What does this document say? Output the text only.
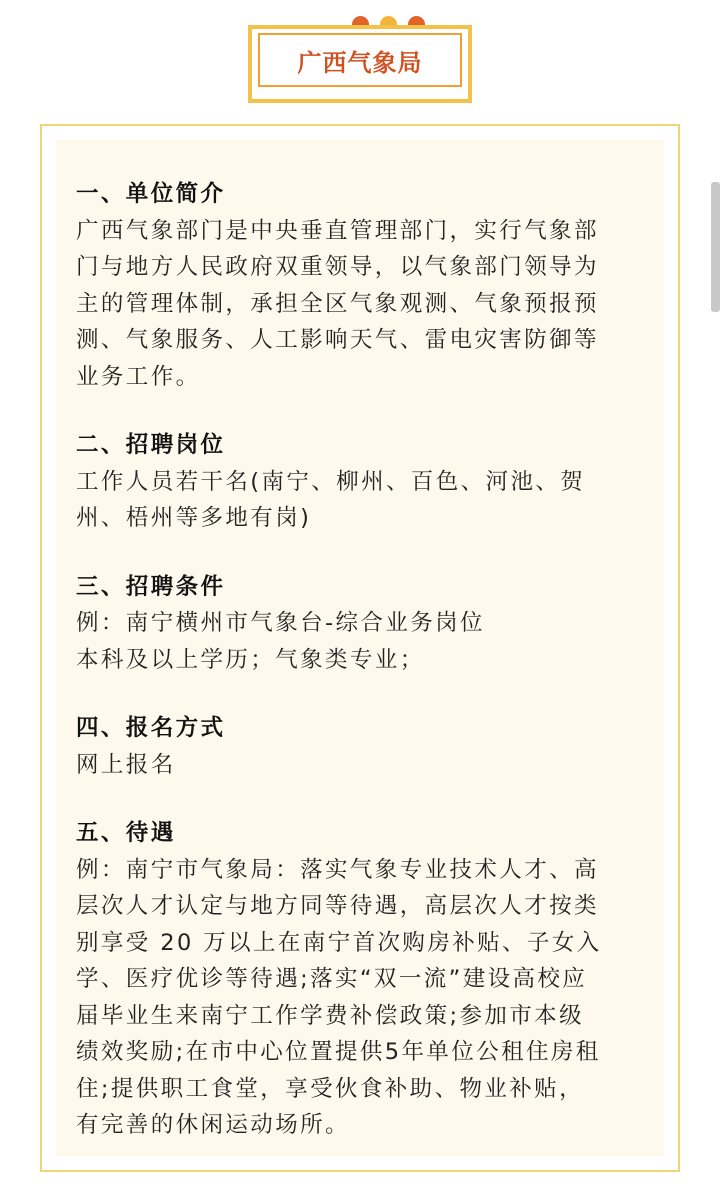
广西气象局
一、单位简介
广西气象部门是中央垂直管理部门，实行气象部
门与地方人民政府双重领导，以气象部门领导为
主的管理体制，承担全区气象观测、气象预报预
测、气象服务、人工影响天气、雷电灾害防御等
业务工作。
二、招聘岗位
工作人员若干名(南宁、柳州、百色、河池、贺
州、梧州等多地有岗)
三、招聘条件
例：南宁横州市气象台-综合业务岗位
本科及以上学历；气象类专业；
四、报名方式
网上报名
五、待遇
例：南宁市气象局：落实气象专业技术人才、高
层次人才认定与地方同等待遇，高层次人才按类
别享受 20 万以上在南宁首次购房补贴、子女入
学、医疗优诊等待遇;落实“双一流”建设高校应
届毕业生来南宁工作学费补偿政策;参加市本级
绩效奖励;在市中心位置提供5年单位公租住房租
住;提供职工食堂，享受伙食补助、物业补贴，
有完善的休闲运动场所。
